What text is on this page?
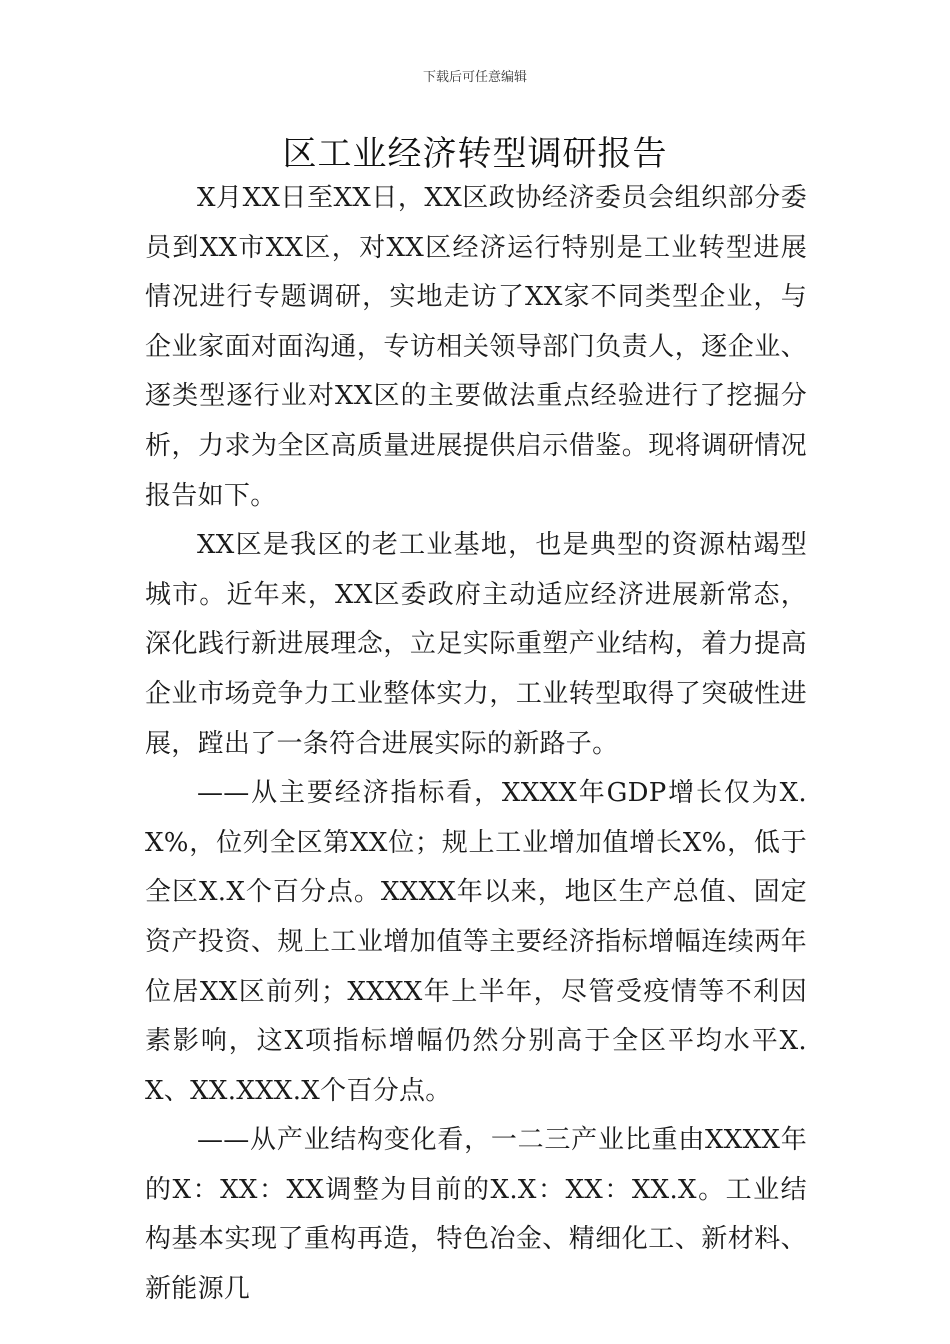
下载后可任意编辑
区工业经济转型调研报告

X月XX日至XX日，XX区政协经济委员会组织部分委员到XX市XX区，对XX区经济运行特别是工业转型进展情况进行专题调研，实地走访了XX家不同类型企业，与企业家面对面沟通，专访相关领导部门负责人，逐企业、逐类型逐行业对XX区的主要做法重点经验进行了挖掘分析，力求为全区高质量进展提供启示借鉴。现将调研情况报告如下。

XX区是我区的老工业基地，也是典型的资源枯竭型城市。近年来，XX区委政府主动适应经济进展新常态，深化践行新进展理念，立足实际重塑产业结构，着力提高企业市场竞争力工业整体实力，工业转型取得了突破性进展，蹚出了一条符合进展实际的新路子。

——从主要经济指标看，XXXX年GDP增长仅为X.X%，位列全区第XX位；规上工业增加值增长X%，低于全区X.X个百分点。XXXX年以来，地区生产总值、固定资产投资、规上工业增加值等主要经济指标增幅连续两年位居XX区前列；XXXX年上半年，尽管受疫情等不利因素影响，这X项指标增幅仍然分别高于全区平均水平X.X、XX.XXX.X个百分点。

——从产业结构变化看，一二三产业比重由XXXX年的X：XX：XX调整为目前的X.X：XX：XX.X。工业结构基本实现了重构再造，特色冶金、精细化工、新材料、新能源几
